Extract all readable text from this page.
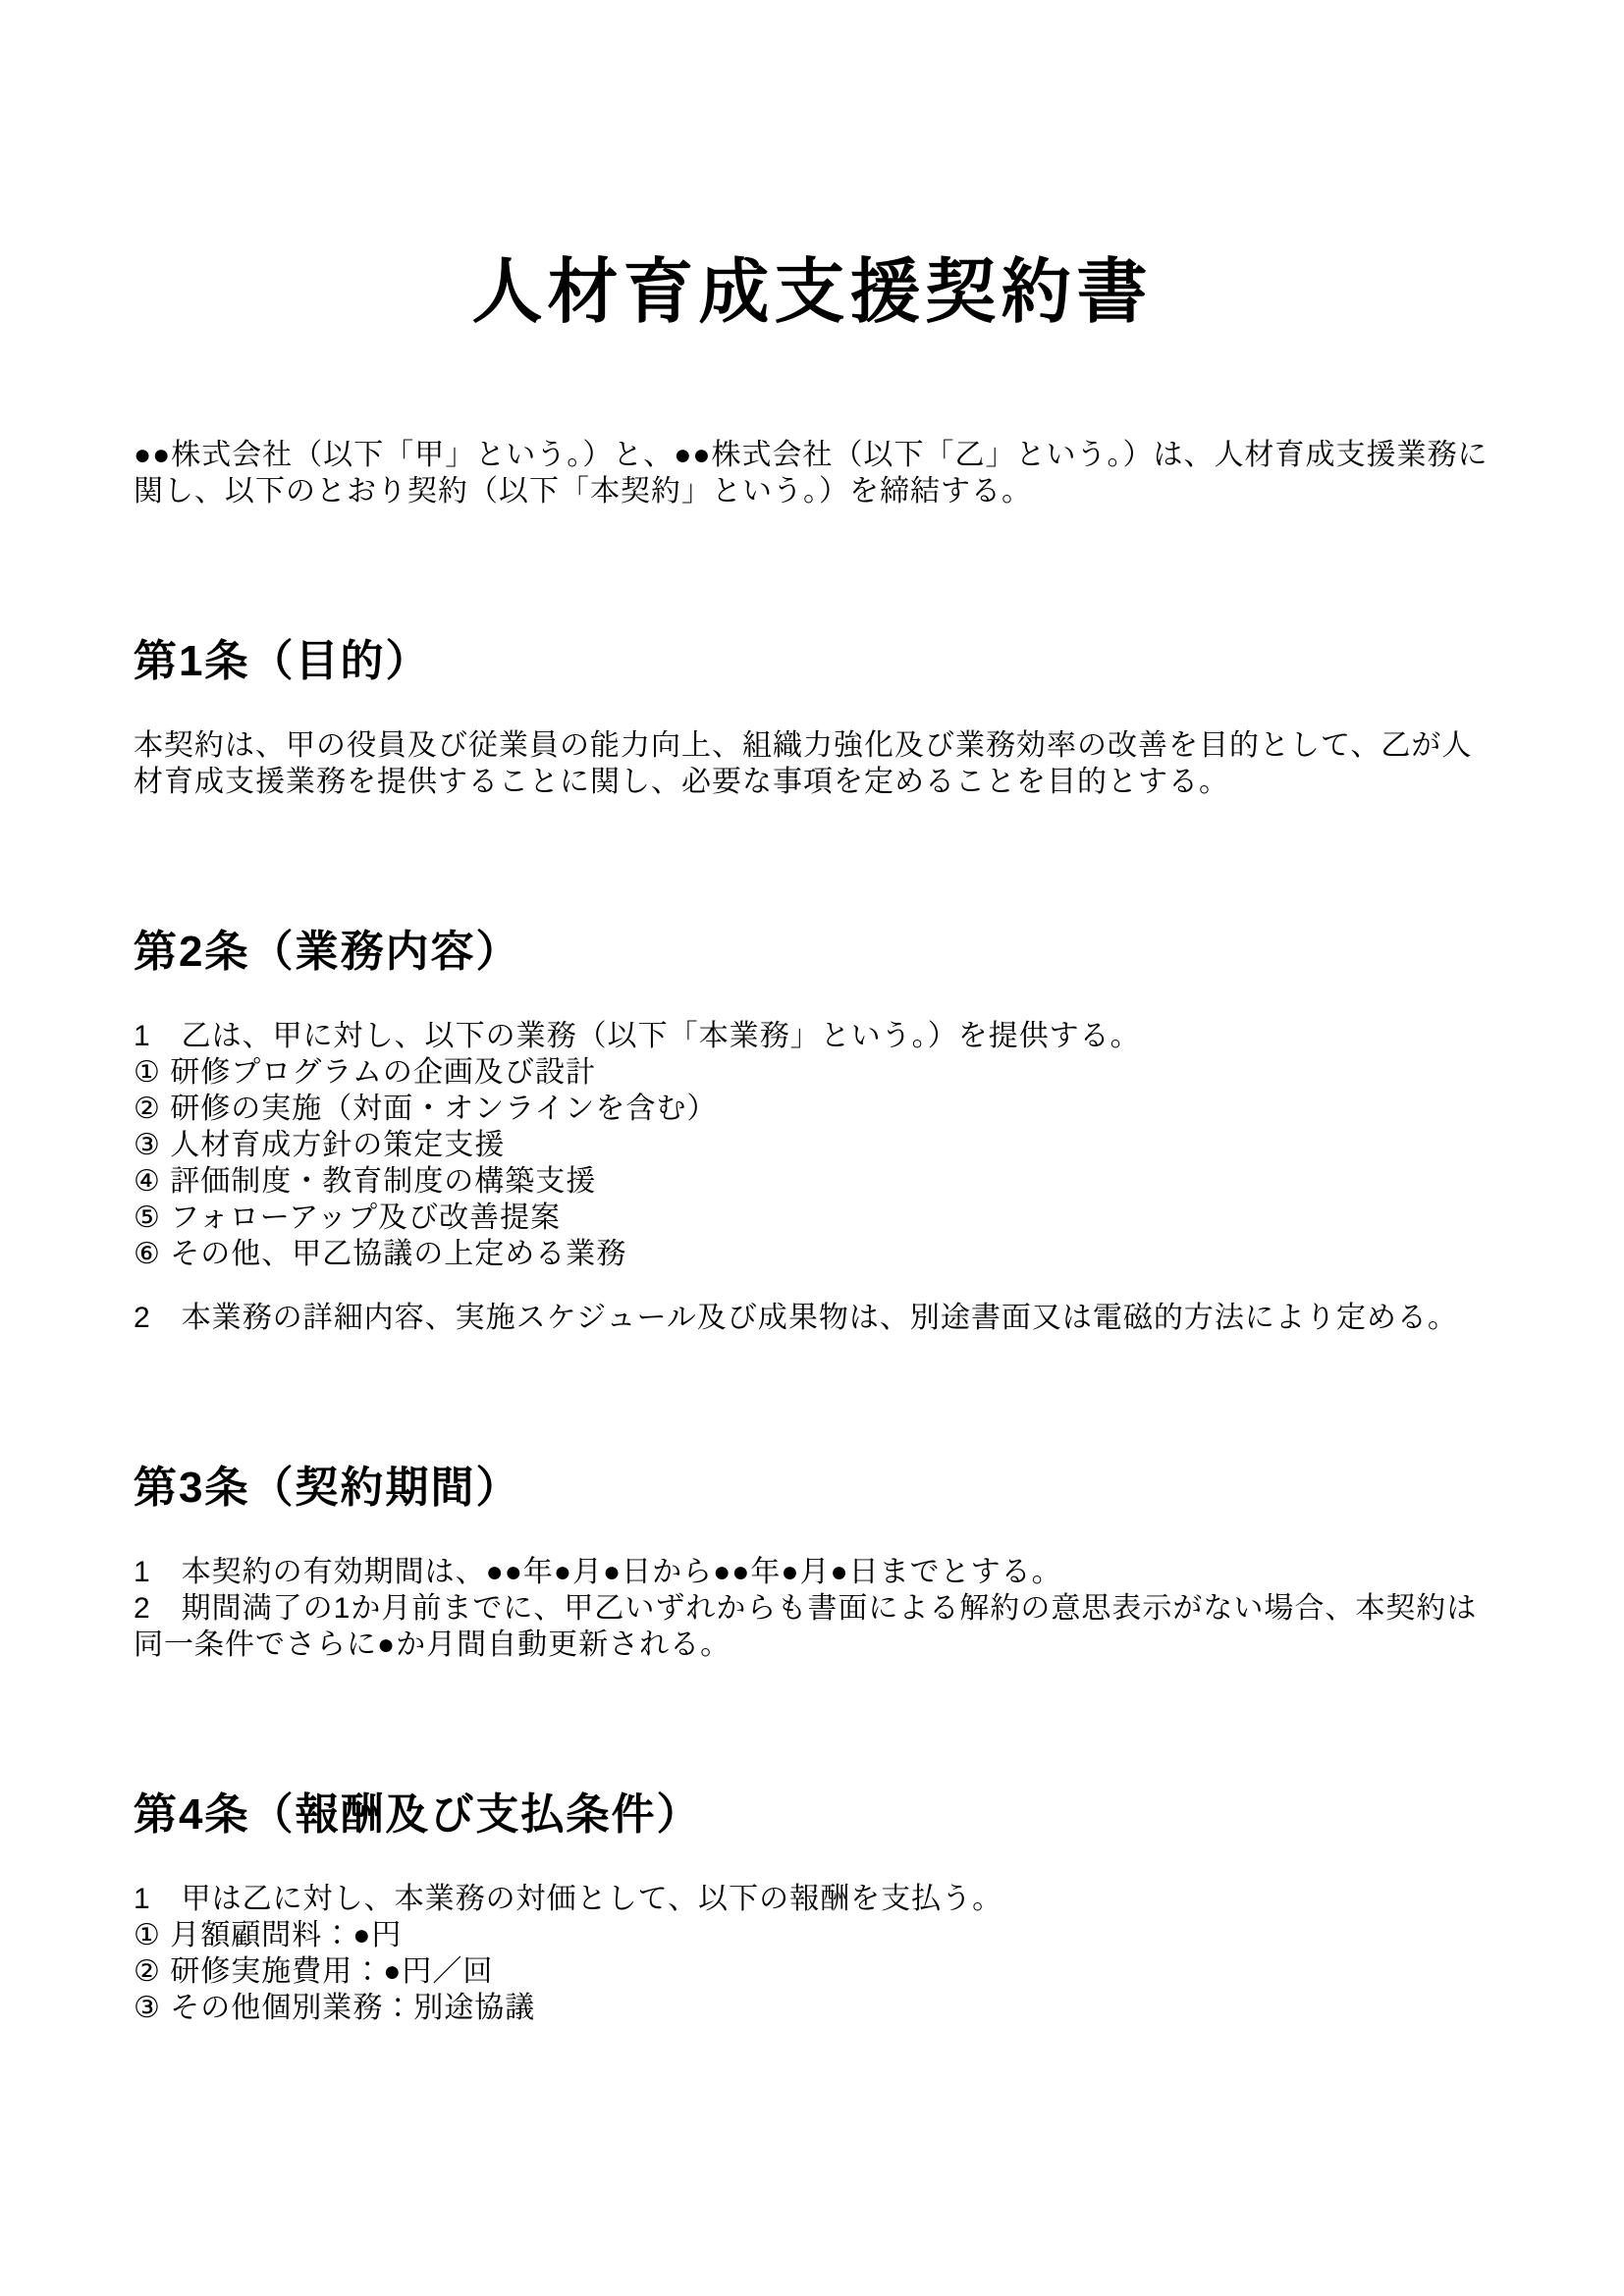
人材育成支援契約書

●●株式会社（以下「甲」という。）と、●●株式会社（以下「乙」という。）は、人材育成支援業務に関し、以下のとおり契約（以下「本契約」という。）を締結する。

第1条（目的）

本契約は、甲の役員及び従業員の能力向上、組織力強化及び業務効率の改善を目的として、乙が人材育成支援業務を提供することに関し、必要な事項を定めることを目的とする。

第2条（業務内容）

1　乙は、甲に対し、以下の業務（以下「本業務」という。）を提供する。

① 研修プログラムの企画及び設計

② 研修の実施（対面・オンラインを含む）

③ 人材育成方針の策定支援

④ 評価制度・教育制度の構築支援

⑤ フォローアップ及び改善提案

⑥ その他、甲乙協議の上定める業務

2　本業務の詳細内容、実施スケジュール及び成果物は、別途書面又は電磁的方法により定める。

第3条（契約期間）

1　本契約の有効期間は、●●年●月●日から●●年●月●日までとする。

2　期間満了の1か月前までに、甲乙いずれからも書面による解約の意思表示がない場合、本契約は同一条件でさらに●か月間自動更新される。

第4条（報酬及び支払条件）

1　甲は乙に対し、本業務の対価として、以下の報酬を支払う。

① 月額顧問料：●円

② 研修実施費用：●円／回

③ その他個別業務：別途協議
